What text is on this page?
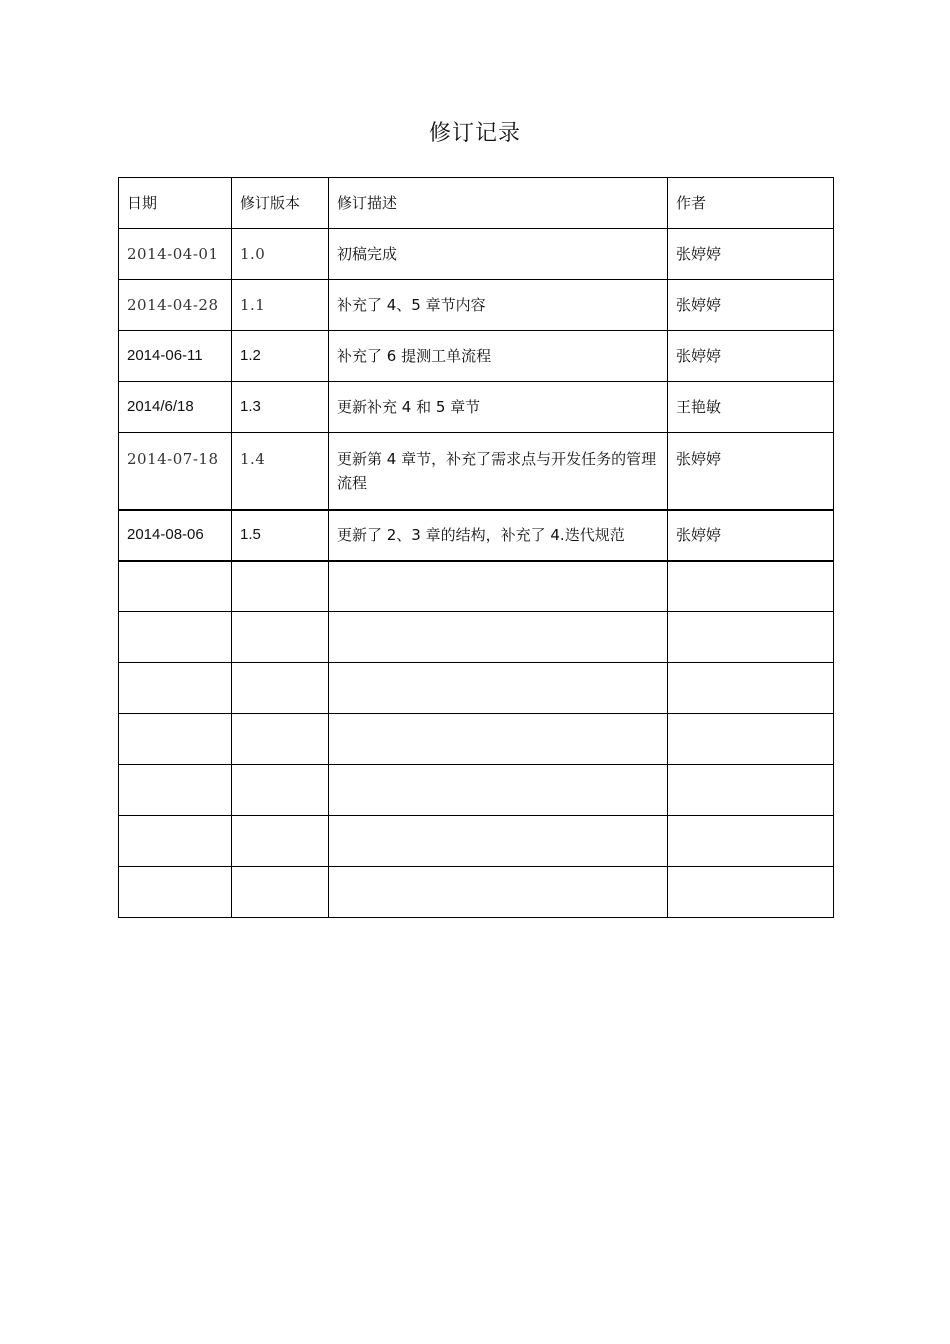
修订记录
日期	修订版本	修订描述	作者
2014-04-01	1.0	初稿完成	张婷婷
2014-04-28	1.1	补充了 4、5 章节内容	张婷婷
2014-06-11	1.2	补充了 6 提测工单流程	张婷婷
2014/6/18	1.3	更新补充 4 和 5 章节	王艳敏
2014-07-18	1.4	更新第 4 章节，补充了需求点与开发任务的管理流程	张婷婷
2014-08-06	1.5	更新了 2、3 章的结构，补充了 4.迭代规范	张婷婷
